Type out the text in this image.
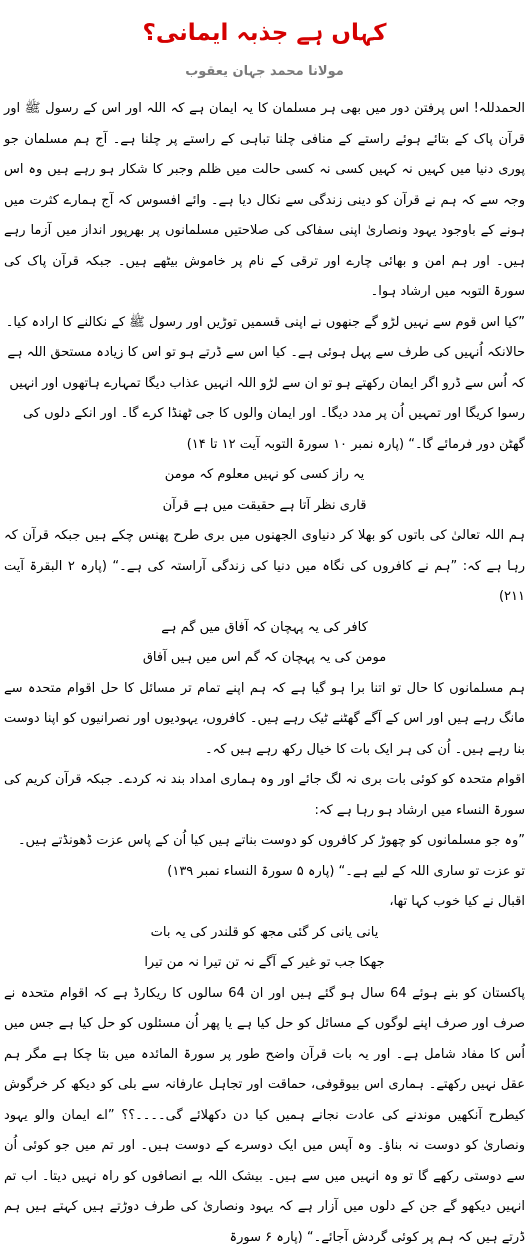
کہاں ہے جذبہ ایمانی؟
مولانا محمد جہان یعقوب

الحمدللہ! اس پرفتن دور میں بھی ہر مسلمان کا یہ ایمان ہے کہ اللہ اور اس کے رسول ﷺ اور قرآن پاک کے بتائے ہوئے راستے کے منافی چلنا تباہی کے راستے پر چلنا ہے۔ آج ہم مسلمان جو پوری دنیا میں کہیں نہ کہیں کسی نہ کسی حالت میں ظلم وجبر کا شکار ہو رہے ہیں وہ اس وجہ سے کہ ہم نے قرآن کو دینی زندگی سے نکال دیا ہے۔ وائے افسوس کہ آج ہمارے کثرت میں ہونے کے باوجود یہود ونصاریٰ اپنی سفاکی کی صلاحتیں مسلمانوں پر بھرپور انداز میں آزما رہے ہیں۔ اور ہم امن و بھائی چارے اور ترقی کے نام پر خاموش بیٹھے ہیں۔ جبکہ قرآن پاک کی سورۃ التوبہ میں ارشاد ہوا۔

”کیا اس قوم سے نہیں لڑو گے جنھوں نے اپنی قسمیں توڑیں اور رسول ﷺ کے نکالنے کا ارادہ کیا۔ حالانکہ اُنہیں کی طرف سے پہل ہوئی ہے۔ کیا اس سے ڈرتے ہو تو اس کا زیادہ مستحق اللہ ہے کہ اُس سے ڈرو اگر ایمان رکھتے ہو تو ان سے لڑو اللہ انہیں عذاب دیگا تمہارے ہاتھوں اور انہیں رسوا کریگا اور تمہیں اُن پر مدد دیگا۔ اور ایمان والوں کا جی ٹھنڈا کرے گا۔ اور انکے دلوں کی گھٹن دور فرمائے گا۔“ (پارہ نمبر ۱۰ سورۃ التوبہ آیت ۱۲ تا ۱۴)

یہ راز کسی کو نہیں معلوم کہ مومن

قاری نظر آتا ہے حقیقت میں ہے قرآن

ہم اللہ تعالیٰ کی باتوں کو بھلا کر دنیاوی الجھنوں میں بری طرح پھنس چکے ہیں جبکہ قرآن کہ رہا ہے کہ: ”ہم نے کافروں کی نگاہ میں دنیا کی زندگی آراستہ کی ہے۔“ (پارہ ۲ البقرۃ آیت ۲۱۱)

کافر کی یہ پہچان کہ آفاق میں گم ہے

مومن کی یہ پہچان کہ گم اس میں ہیں آفاق

ہم مسلمانوں کا حال تو اتنا برا ہو گیا ہے کہ ہم اپنے تمام تر مسائل کا حل اقوام متحدہ سے مانگ رہے ہیں اور اس کے آگے گھٹنے ٹیک رہے ہیں۔ کافروں، یہودیوں اور نصرانیوں کو اپنا دوست بنا رہے ہیں۔ اُن کی ہر ایک بات کا خیال رکھ رہے ہیں کہ۔

اقوام متحدہ کو کوئی بات بری نہ لگ جائے اور وہ ہماری امداد بند نہ کردے۔ جبکہ قرآن کریم کی سورۃ النساء میں ارشاد ہو رہا ہے کہ:

”وہ جو مسلمانوں کو چھوڑ کر کافروں کو دوست بناتے ہیں کیا اُن کے پاس عزت ڈھونڈتے ہیں۔ تو عزت تو ساری اللہ کے لیے ہے۔“ (پارہ ۵ سورۃ النساء نمبر ۱۳۹)

اقبال نے کیا خوب کہا تھا،

یانی یانی کر گئی مجھ کو قلندر کی یہ بات

جھکا جب تو غیر کے آگے نہ تن تیرا نہ من تیرا

پاکستان کو بنے ہوئے 64 سال ہو گئے ہیں اور ان 64 سالوں کا ریکارڈ ہے کہ اقوام متحدہ نے صرف اور صرف اپنے لوگوں کے مسائل کو حل کیا ہے یا پھر اُن مسئلوں کو حل کیا ہے جس میں اُس کا مفاد شامل ہے۔ اور یہ بات قرآن واضح طور پر سورۃ المائدہ میں بتا چکا ہے مگر ہم عقل نہیں رکھتے۔ ہماری اس بیوقوفی، حماقت اور تجاہل عارفانہ سے بلی کو دیکھ کر خرگوش کیطرح آنکھیں موندنے کی عادت نجانے ہمیں کیا دن دکھلائے گی۔۔۔۔؟؟ ”اے ایمان والو یہود ونصاریٰ کو دوست نہ بناؤ۔ وہ آپس میں ایک دوسرے کے دوست ہیں۔ اور تم میں جو کوئی اُن سے دوستی رکھے گا تو وہ انہیں میں سے ہیں۔ بیشک اللہ بے انصافوں کو راہ نہیں دیتا۔ اب تم انہیں دیکھو گے جن کے دلوں میں آزار ہے کہ یہود ونصاریٰ کی طرف دوڑتے ہیں کہتے ہیں ہم ڈرتے ہیں کہ ہم پر کوئی گردش آجائے۔“ (پارہ ۶ سورۃ
